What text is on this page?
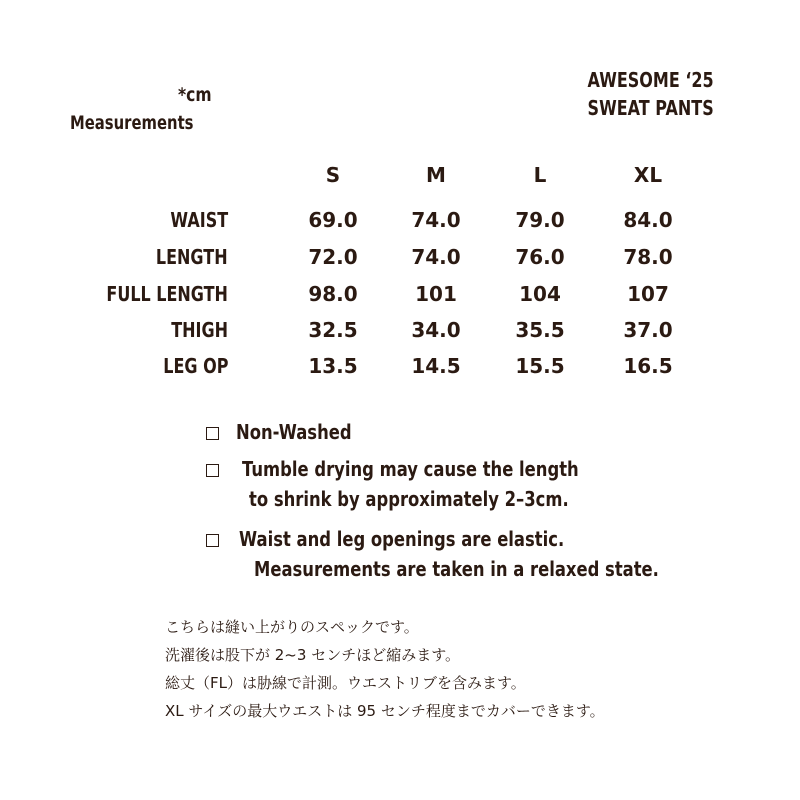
*cm
Measurements
AWESOME ‘25
SWEAT PANTS
S	M	L	XL
WAIST	69.0	74.0	79.0	84.0
LENGTH	72.0	74.0	76.0	78.0
FULL LENGTH	98.0	101	104	107
THIGH	32.5	34.0	35.5	37.0
LEG OP	13.5	14.5	15.5	16.5
Non-Washed
Tumble drying may cause the length
to shrink by approximately 2–3cm.
Waist and leg openings are elastic.
Measurements are taken in a relaxed state.
こちらは縫い上がりのスペックです。
洗濯後は股下が 2~3 センチほど縮みます。
総丈（FL）は胁線で計測。ウエストリブを含みます。
XL サイズの最大ウエストは 95 センチ程度までカバーできます。
